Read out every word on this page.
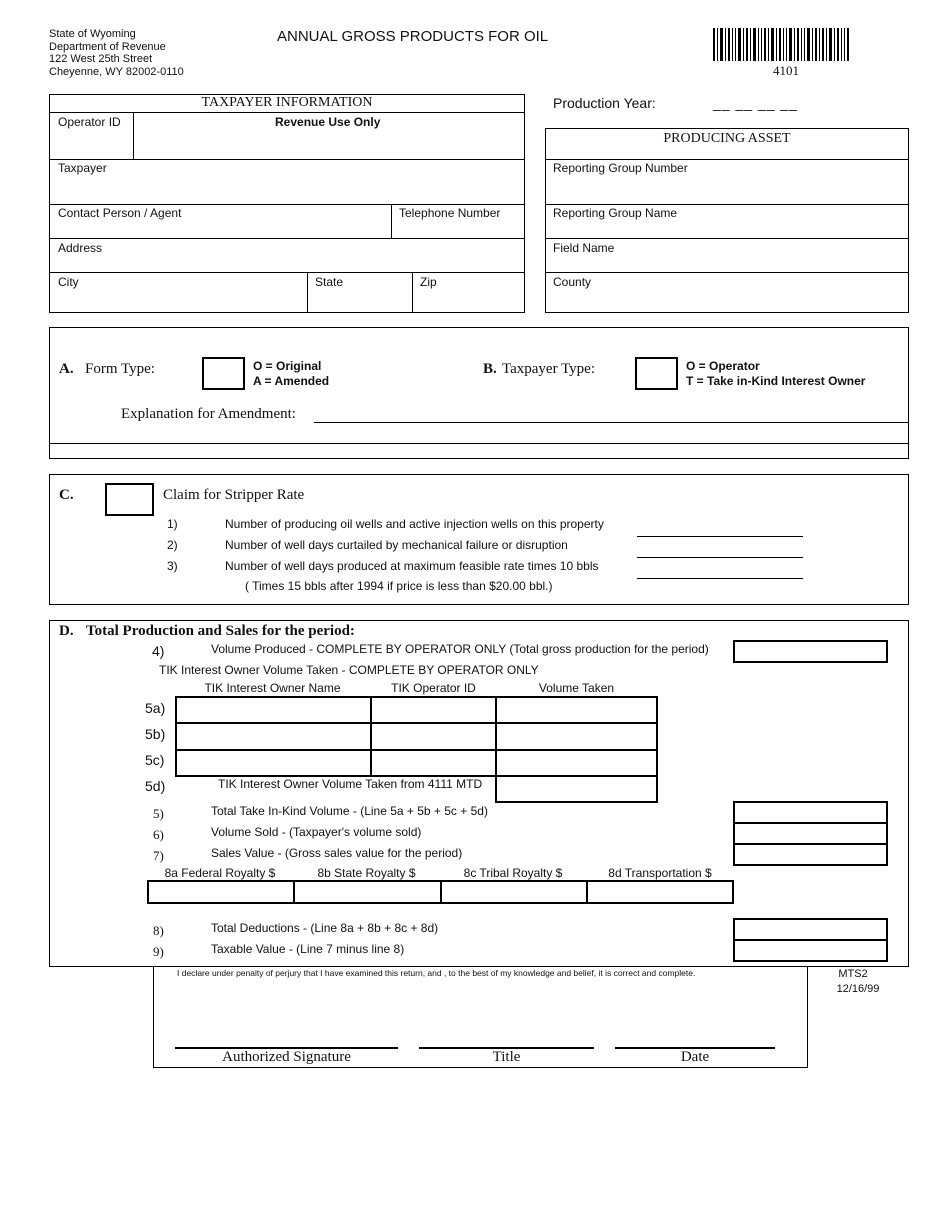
State of Wyoming
Department of Revenue
122 West 25th Street
Cheyenne, WY 82002-0110
ANNUAL GROSS PRODUCTS FOR OIL
4101
TAXPAYER INFORMATION
Operator ID	Revenue Use Only
Taxpayer
Contact Person / Agent	Telephone Number
Address
City	State	Zip
Production Year:	__ __ __ __
PRODUCING ASSET
Reporting Group Number
Reporting Group Name
Field Name
County
A. Form Type:	O = Original
A = Amended
B. Taxpayer Type:	O = Operator
T = Take in-Kind Interest Owner
Explanation for Amendment:
C.	Claim for Stripper Rate
1)	Number of producing oil wells and active injection wells on this property
2)	Number of well days curtailed by mechanical failure or disruption
3)	Number of well days produced at maximum feasible rate times 10 bbls
( Times 15 bbls after 1994 if price is less than $20.00 bbl.)
D. Total Production and Sales for the period:
4)	Volume Produced - COMPLETE BY OPERATOR ONLY (Total gross production for the period)
TIK Interest Owner Volume Taken - COMPLETE BY OPERATOR ONLY
TIK Interest Owner Name	TIK Operator ID	Volume Taken
5a)
5b)
5c)
5d)	TIK Interest Owner Volume Taken from 4111 MTD
5)	Total Take In-Kind Volume - (Line 5a + 5b + 5c + 5d)
6)	Volume Sold - (Taxpayer's volume sold)
7)	Sales Value - (Gross sales value for the period)
8a Federal Royalty $	8b State Royalty $	8c Tribal Royalty $	8d Transportation $
8)	Total Deductions - (Line 8a + 8b + 8c + 8d)
9)	Taxable Value - (Line 7 minus line 8)
I declare under penalty of perjury that I have examined this return, and , to the best of my knowledge and belief, it is correct and complete.
Authorized Signature	Title	Date
MTS2
12/16/99
